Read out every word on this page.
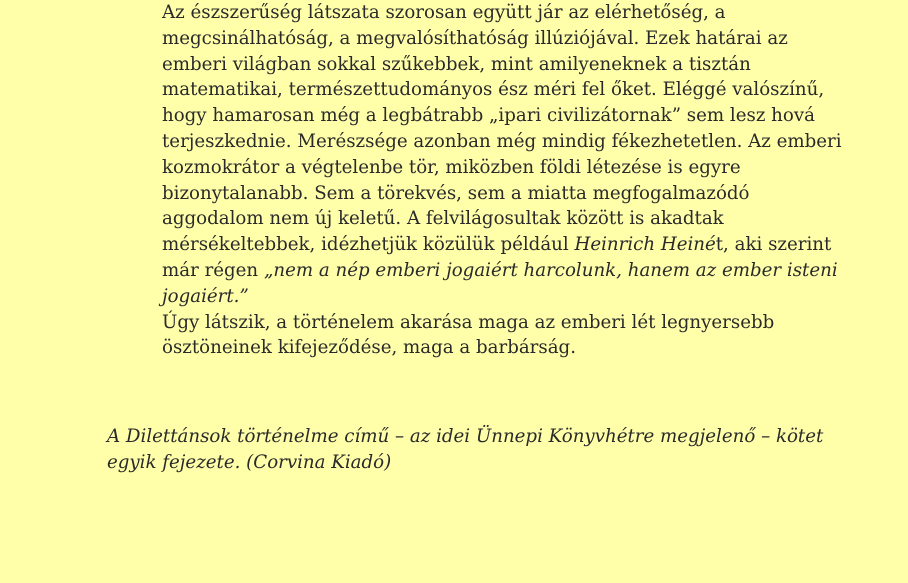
Az észszerűség látszata szorosan együtt jár az elérhetőség, a
megcsinálhatóság, a megvalósíthatóság illúziójával. Ezek határai az
emberi világban sokkal szűkebbek, mint amilyeneknek a tisztán
matematikai, természettudományos ész méri fel őket. Eléggé valószínű,
hogy hamarosan még a legbátrabb „ipari civilizátornak” sem lesz hová
terjeszkednie. Merészsége azonban még mindig fékezhetetlen. Az emberi
kozmokrátor a végtelenbe tör, miközben földi létezése is egyre
bizonytalanabb. Sem a törekvés, sem a miatta megfogalmazódó
aggodalom nem új keletű. A felvilágosultak között is akadtak
mérsékeltebbek, idézhetjük közülük például Heinrich Heinét, aki szerint
már régen „nem a nép emberi jogaiért harcolunk, hanem az ember isteni
jogaiért.”
Úgy látszik, a történelem akarása maga az emberi lét legnyersebb
ösztöneinek kifejeződése, maga a barbárság.
A Dilettánsok történelme című – az idei Ünnepi Könyvhétre megjelenő – kötet
egyik fejezete. (Corvina Kiadó)
